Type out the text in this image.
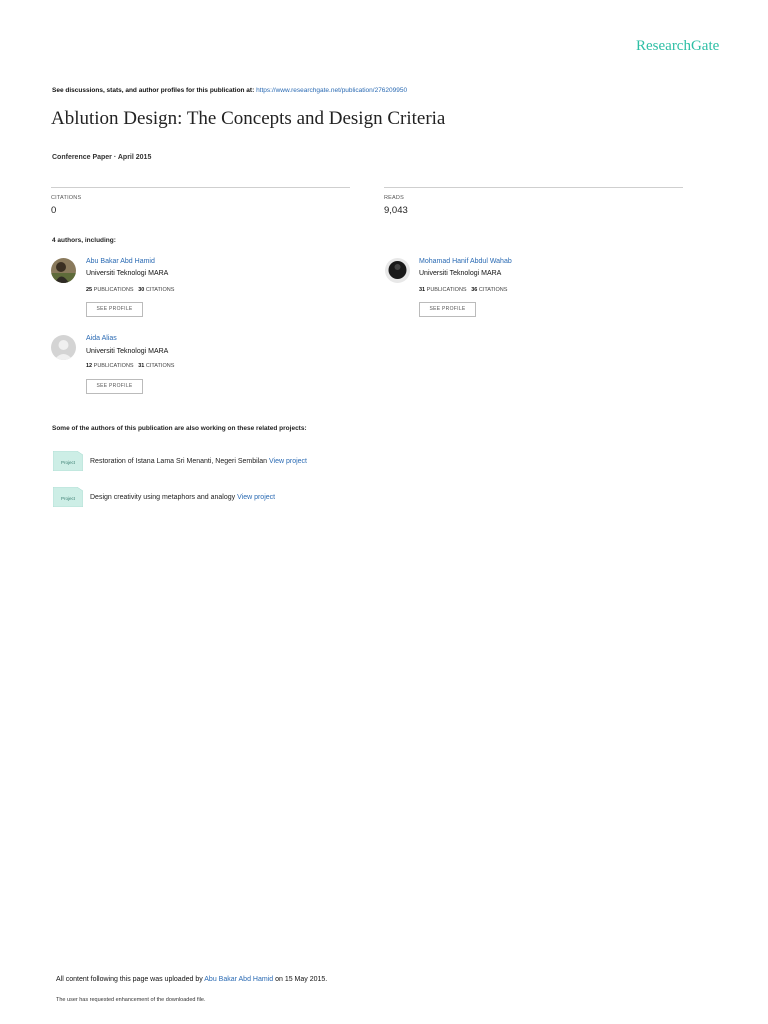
ResearchGate
See discussions, stats, and author profiles for this publication at: https://www.researchgate.net/publication/276209950
Ablution Design: The Concepts and Design Criteria
Conference Paper · April 2015
CITATIONS
0
READS
9,043
4 authors, including:
Abu Bakar Abd Hamid
Universiti Teknologi MARA
25 PUBLICATIONS 30 CITATIONS
SEE PROFILE
Mohamad Hanif Abdul Wahab
Universiti Teknologi MARA
31 PUBLICATIONS 36 CITATIONS
SEE PROFILE
Aida Alias
Universiti Teknologi MARA
12 PUBLICATIONS 31 CITATIONS
SEE PROFILE
Some of the authors of this publication are also working on these related projects:
Project Restoration of Istana Lama Sri Menanti, Negeri Sembilan View project
Project Design creativity using metaphors and analogy View project
All content following this page was uploaded by Abu Bakar Abd Hamid on 15 May 2015.
The user has requested enhancement of the downloaded file.
